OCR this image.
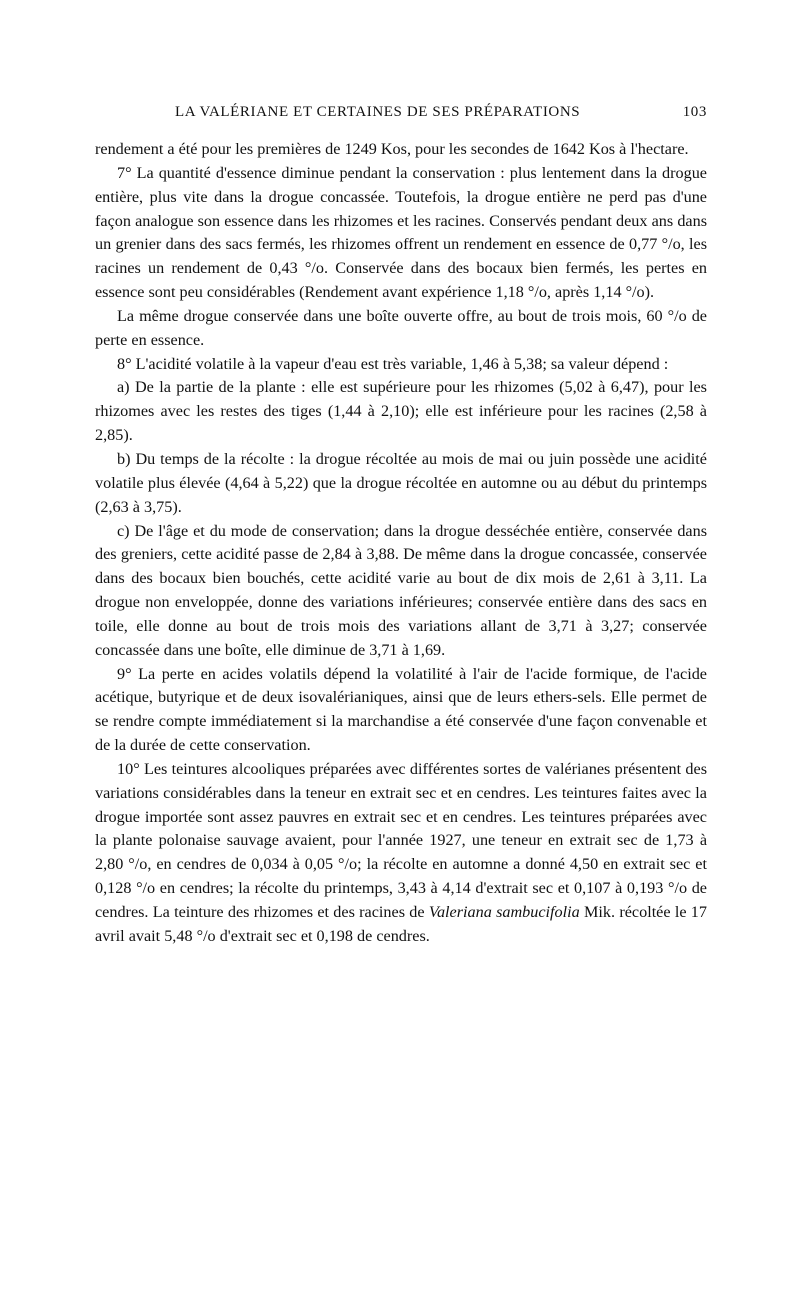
LA VALÉRIANE ET CERTAINES DE SES PRÉPARATIONS	103

rendement a été pour les premières de 1249 Kos, pour les secondes de 1642 Kos à l'hectare.

7° La quantité d'essence diminue pendant la conservation : plus lentement dans la drogue entière, plus vite dans la drogue concassée. Toutefois, la drogue entière ne perd pas d'une façon analogue son essence dans les rhizomes et les racines. Conservés pendant deux ans dans un grenier dans des sacs fermés, les rhizomes offrent un rendement en essence de 0,77 °/o, les racines un rendement de 0,43 °/o. Conservée dans des bocaux bien fermés, les pertes en essence sont peu considérables (Rendement avant expérience 1,18 °/o, après 1,14 °/o).

La même drogue conservée dans une boîte ouverte offre, au bout de trois mois, 60 °/o de perte en essence.

8° L'acidité volatile à la vapeur d'eau est très variable, 1,46 à 5,38; sa valeur dépend :

a) De la partie de la plante : elle est supérieure pour les rhizomes (5,02 à 6,47), pour les rhizomes avec les restes des tiges (1,44 à 2,10); elle est inférieure pour les racines (2,58 à 2,85).

b) Du temps de la récolte : la drogue récoltée au mois de mai ou juin possède une acidité volatile plus élevée (4,64 à 5,22) que la drogue récoltée en automne ou au début du printemps (2,63 à 3,75).

c) De l'âge et du mode de conservation; dans la drogue desséchée entière, conservée dans des greniers, cette acidité passe de 2,84 à 3,88. De même dans la drogue concassée, conservée dans des bocaux bien bouchés, cette acidité varie au bout de dix mois de 2,61 à 3,11. La drogue non enveloppée, donne des variations inférieures; conservée entière dans des sacs en toile, elle donne au bout de trois mois des variations allant de 3,71 à 3,27; conservée concassée dans une boîte, elle diminue de 3,71 à 1,69.

9° La perte en acides volatils dépend la volatilité à l'air de l'acide formique, de l'acide acétique, butyrique et de deux isovalérianiques, ainsi que de leurs ethers-sels. Elle permet de se rendre compte immédiatement si la marchandise a été conservée d'une façon convenable et de la durée de cette conservation.

10° Les teintures alcooliques préparées avec différentes sortes de valérianes présentent des variations considérables dans la teneur en extrait sec et en cendres. Les teintures faites avec la drogue importée sont assez pauvres en extrait sec et en cendres. Les teintures préparées avec la plante polonaise sauvage avaient, pour l'année 1927, une teneur en extrait sec de 1,73 à 2,80 °/o, en cendres de 0,034 à 0,05 °/o; la récolte en automne a donné 4,50 en extrait sec et 0,128 °/o en cendres; la récolte du printemps, 3,43 à 4,14 d'extrait sec et 0,107 à 0,193 °/o de cendres. La teinture des rhizomes et des racines de Valeriana sambucifolia Mik. récoltée le 17 avril avait 5,48 °/o d'extrait sec et 0,198 de cendres.
